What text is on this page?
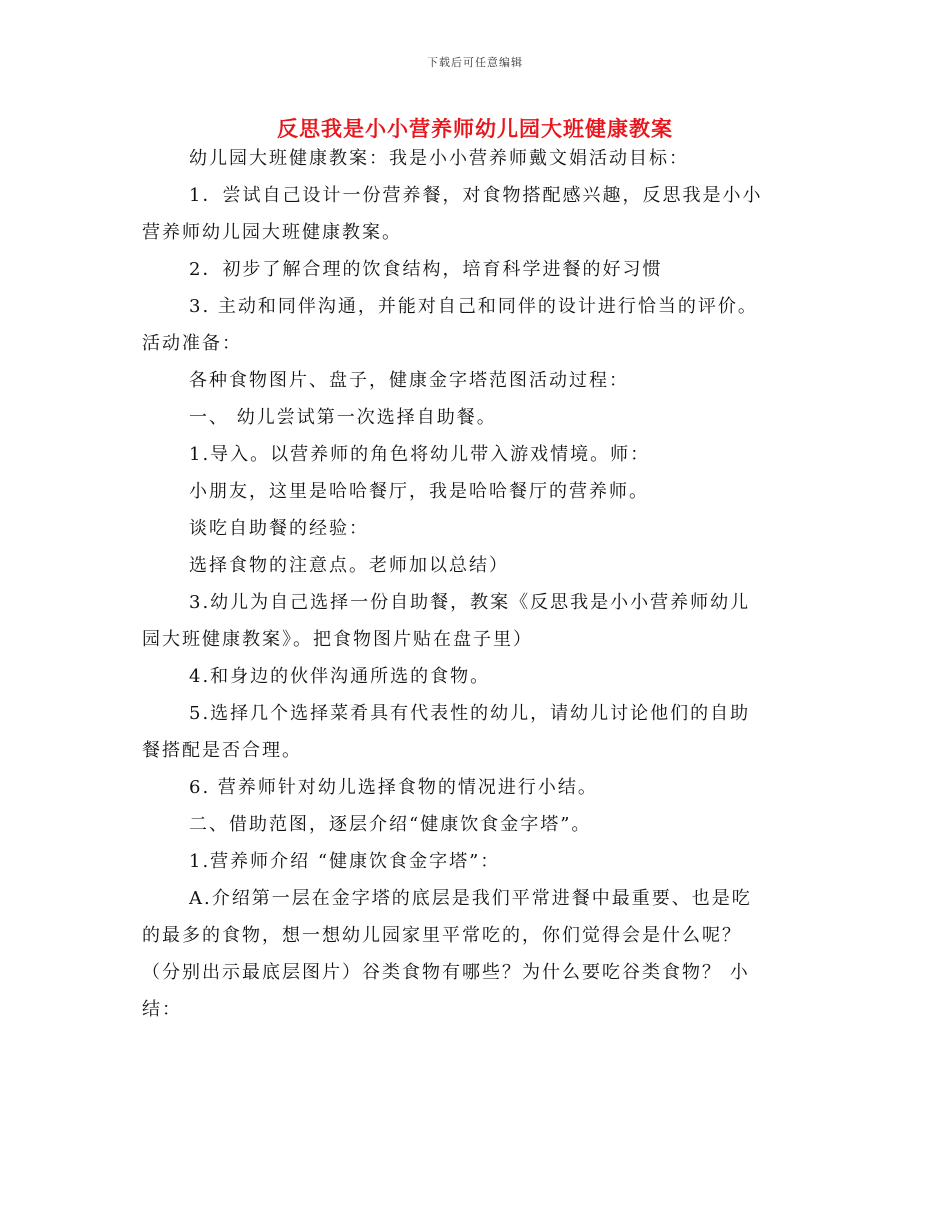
下载后可任意编辑
反思我是小小营养师幼儿园大班健康教案

幼儿园大班健康教案：我是小小营养师戴文娟活动目标：

1．尝试自己设计一份营养餐，对食物搭配感兴趣，反思我是小小

营养师幼儿园大班健康教案。

2．初步了解合理的饮食结构，培育科学进餐的好习惯

3. 主动和同伴沟通，并能对自己和同伴的设计进行恰当的评价。

活动准备：

各种食物图片、盘子，健康金字塔范图活动过程：

一、 幼儿尝试第一次选择自助餐。

1.导入。以营养师的角色将幼儿带入游戏情境。师：

小朋友，这里是哈哈餐厅，我是哈哈餐厅的营养师。

谈吃自助餐的经验：

选择食物的注意点。老师加以总结）

3.幼儿为自己选择一份自助餐，教案《反思我是小小营养师幼儿

园大班健康教案》。把食物图片贴在盘子里）

4.和身边的伙伴沟通所选的食物。

5.选择几个选择菜肴具有代表性的幼儿，请幼儿讨论他们的自助

餐搭配是否合理。

6. 营养师针对幼儿选择食物的情况进行小结。

二、借助范图，逐层介绍“健康饮食金字塔”。

1.营养师介绍 “健康饮食金字塔”：

A.介绍第一层在金字塔的底层是我们平常进餐中最重要、也是吃

的最多的食物，想一想幼儿园家里平常吃的，你们觉得会是什么呢？

（分别出示最底层图片）谷类食物有哪些？为什么要吃谷类食物？ 小

结：
